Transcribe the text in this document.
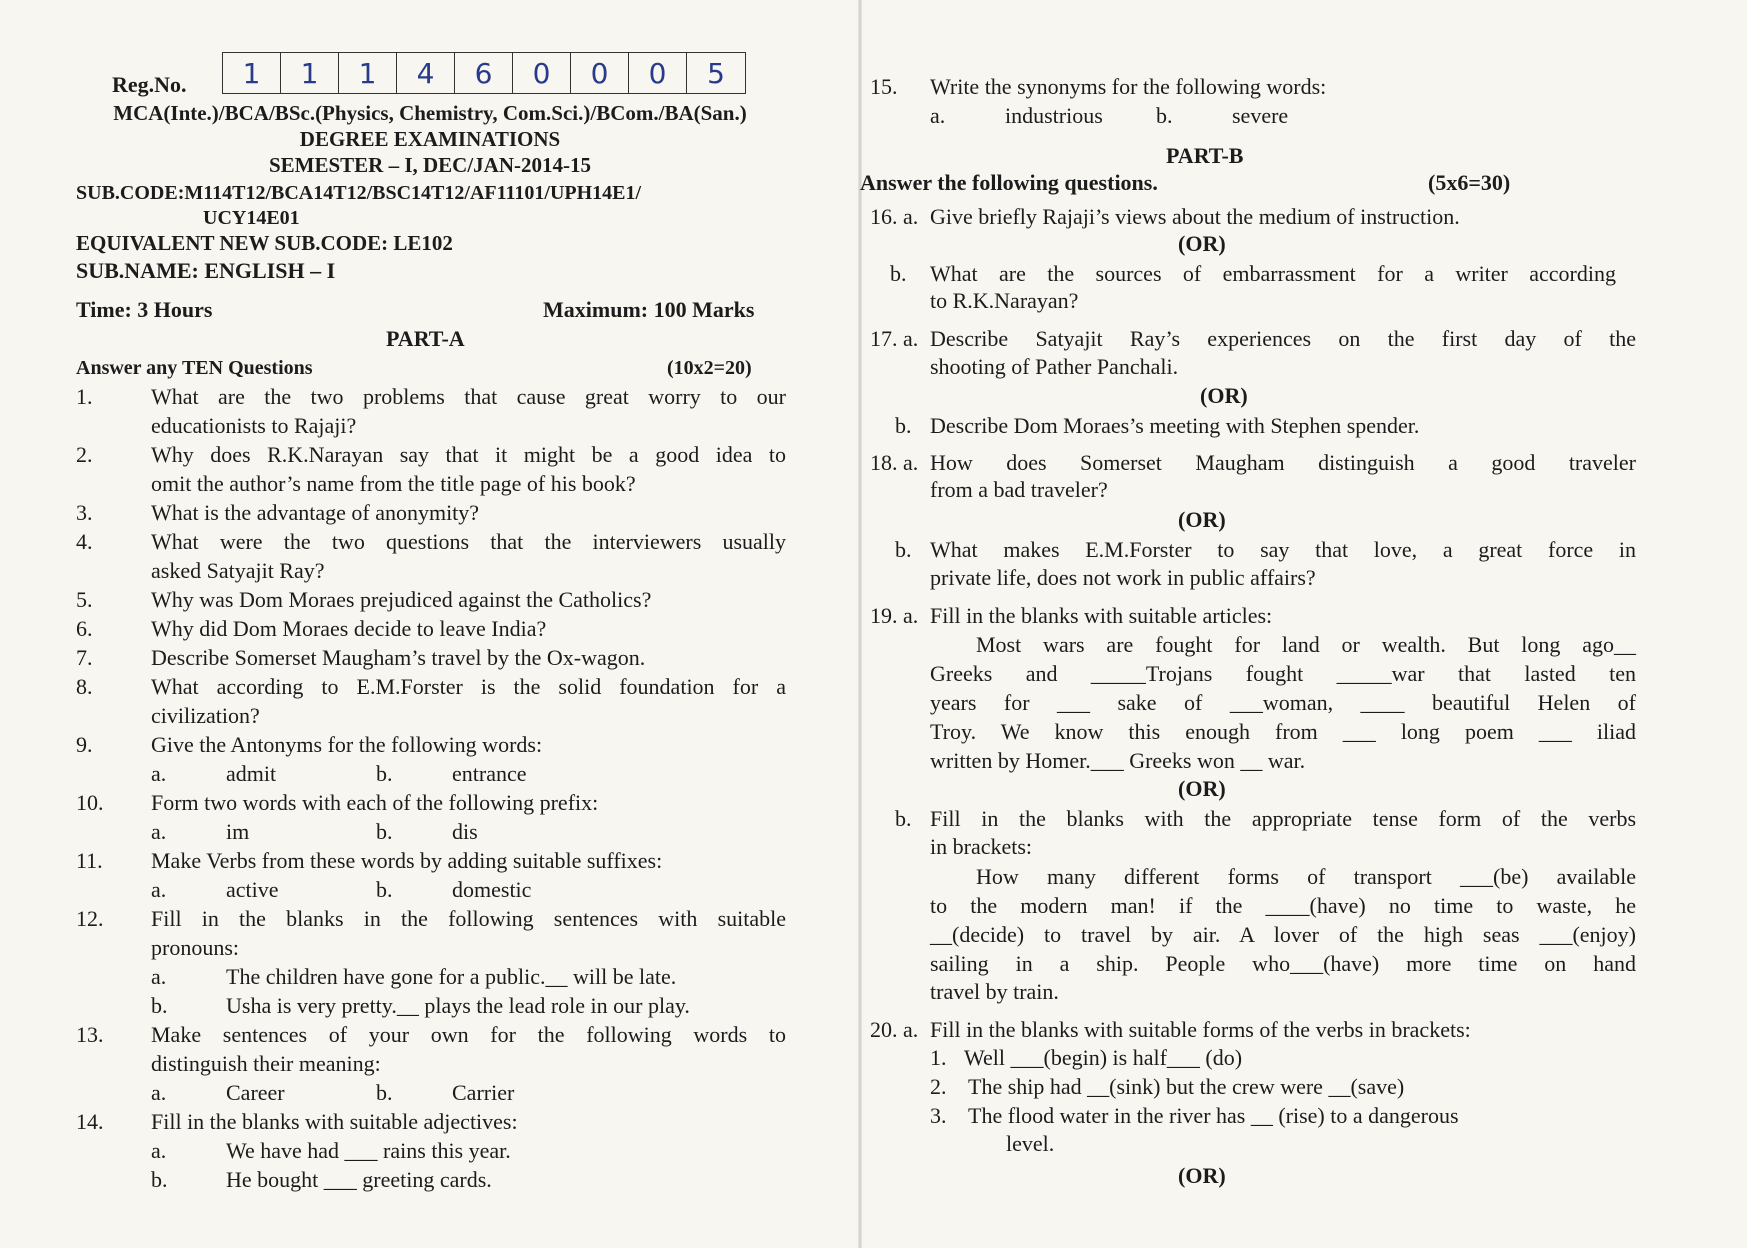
Reg.No.	1	1	1	4	6	0	0	0	5
MCA(Inte.)/BCA/BSc.(Physics, Chemistry, Com.Sci.)/BCom./BA(San.)
DEGREE EXAMINATIONS
SEMESTER – I, DEC/JAN-2014-15
SUB.CODE:M114T12/BCA14T12/BSC14T12/AF11101/UPH14E1/
UCY14E01
EQUIVALENT NEW SUB.CODE: LE102
SUB.NAME: ENGLISH – I
Time: 3 Hours	Maximum: 100 Marks
PART-A
Answer any TEN Questions	(10x2=20)
1.	What are the two problems that cause great worry to our
educationists to Rajaji?
2.	Why does R.K.Narayan say that it might be a good idea to
omit the author’s name from the title page of his book?
3.	What is the advantage of anonymity?
4.	What were the two questions that the interviewers usually
asked Satyajit Ray?
5.	Why was Dom Moraes prejudiced against the Catholics?
6.	Why did Dom Moraes decide to leave India?
7.	Describe Somerset Maugham’s travel by the Ox-wagon.
8.	What according to E.M.Forster is the solid foundation for a
civilization?
9.	Give the Antonyms for the following words:
a.	admit	b.	entrance
10. Form two words with each of the following prefix:
a.	im	b.	dis
11. Make Verbs from these words by adding suitable suffixes:
a.	active	b.	domestic
12. Fill in the blanks in the following sentences with suitable
pronouns:
a.	The children have gone for a public.__ will be late.
b.	Usha is very pretty.__ plays the lead role in our play.
13. Make sentences of your own for the following words to
distinguish their meaning:
a.	Career	b.	Carrier
14. Fill in the blanks with suitable adjectives:
a.	We have had ___ rains this year.
b.	He bought ___ greeting cards.
15. Write the synonyms for the following words:
a.	industrious b.	severe
PART-B
Answer the following questions.	(5x6=30)
16. a. Give briefly Rajaji’s views about the medium of instruction.
(OR)
b. What are the sources of embarrassment for a writer according
to R.K.Narayan?
17. a. Describe Satyajit Ray’s experiences on the first day of the
shooting of Pather Panchali.
(OR)
b. Describe Dom Moraes’s meeting with Stephen spender.
18. a. How does Somerset Maugham distinguish a good traveler
from a bad traveler?
(OR)
b. What makes E.M.Forster to say that love, a great force in
private life, does not work in public affairs?
19. a. Fill in the blanks with suitable articles:
Most wars are fought for land or wealth. But long ago__
Greeks and _____Trojans fought _____war that lasted ten
years for ___ sake of ___woman, ____ beautiful Helen of
Troy. We know this enough from ___ long poem ___ iliad
written by Homer.___ Greeks won __ war.
(OR)
b. Fill in the blanks with the appropriate tense form of the verbs
in brackets:
How many different forms of transport ___(be) available
to the modern man! if the ____(have) no time to waste, he
__(decide) to travel by air. A lover of the high seas ___(enjoy)
sailing in a ship. People who___(have) more time on hand
travel by train.
20. a. Fill in the blanks with suitable forms of the verbs in brackets:
1. Well ___(begin) is half___ (do)
2. The ship had __(sink) but the crew were __(save)
3. The flood water in the river has __ (rise) to a dangerous
level.
(OR)
